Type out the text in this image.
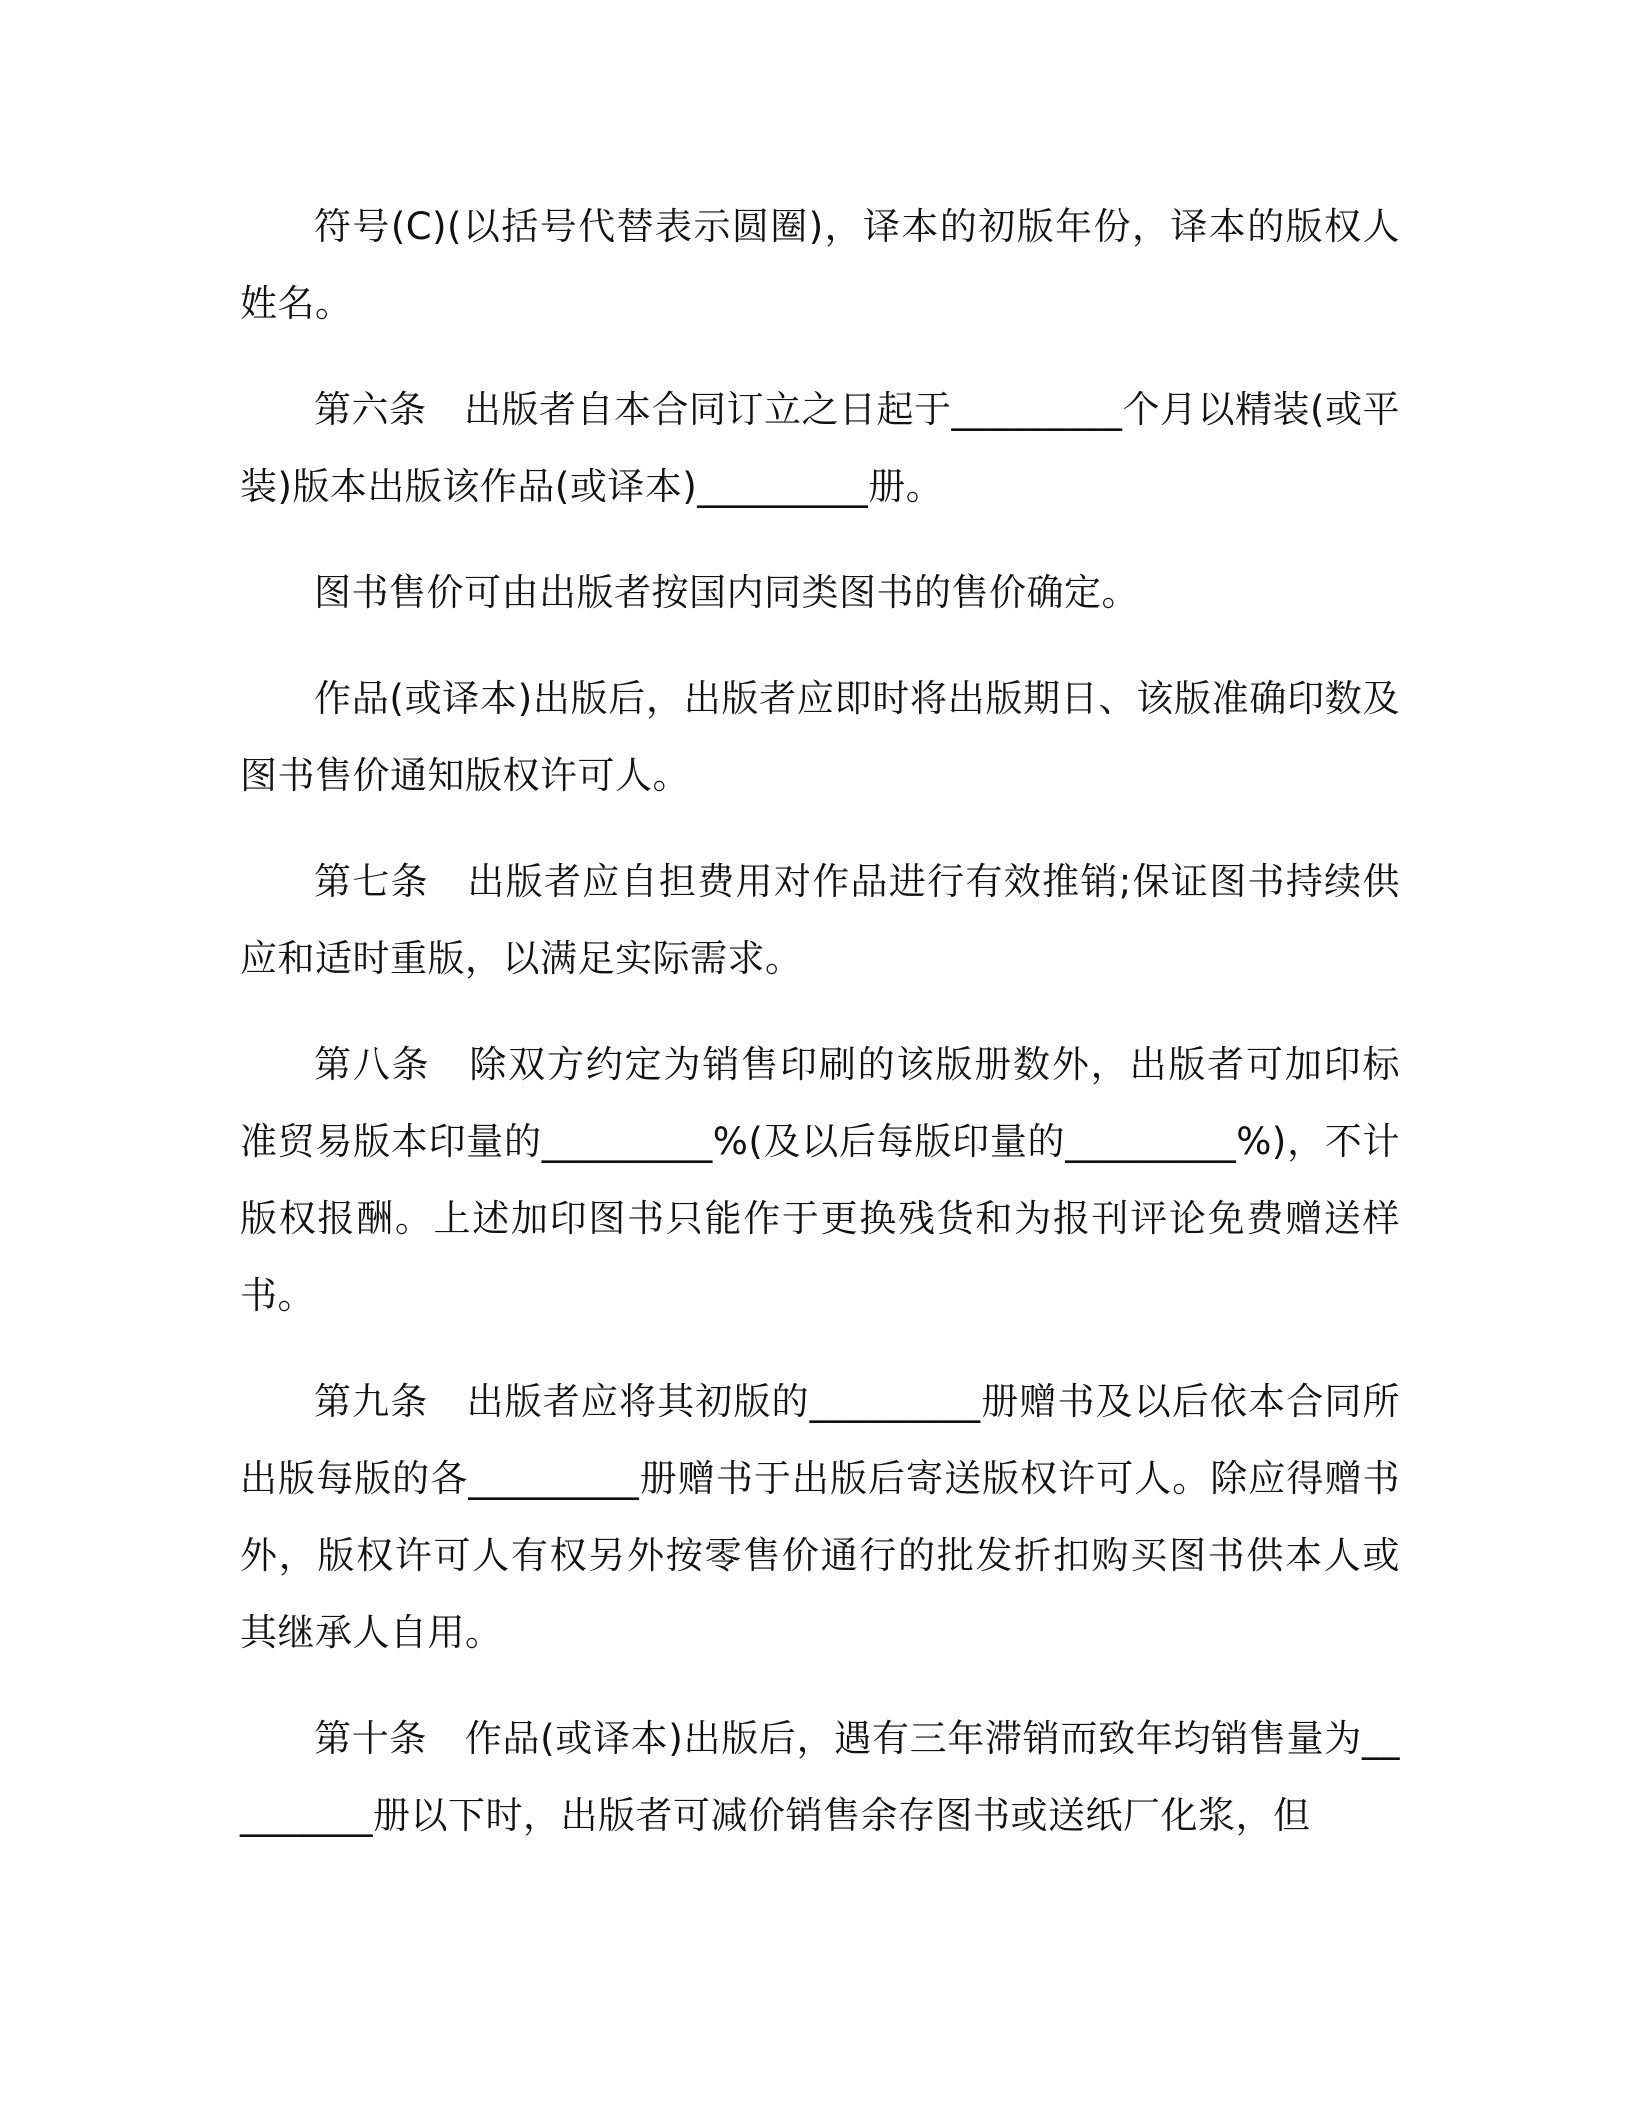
符号(C)(以括号代替表示圆圈)，译本的初版年份，译本的版权人姓名。

第六条　出版者自本合同订立之日起于_________个月以精装(或平装)版本出版该作品(或译本)_________册。

图书售价可由出版者按国内同类图书的售价确定。

作品(或译本)出版后，出版者应即时将出版期日、该版准确印数及图书售价通知版权许可人。

第七条　出版者应自担费用对作品进行有效推销;保证图书持续供应和适时重版，以满足实际需求。

第八条　除双方约定为销售印刷的该版册数外，出版者可加印标准贸易版本印量的_________%(及以后每版印量的_________%)，不计版权报酬。上述加印图书只能作于更换残货和为报刊评论免费赠送样书。

第九条　出版者应将其初版的_________册赠书及以后依本合同所出版每版的各_________册赠书于出版后寄送版权许可人。除应得赠书外，版权许可人有权另外按零售价通行的批发折扣购买图书供本人或其继承人自用。

第十条　作品(或译本)出版后，遇有三年滞销而致年均销售量为_________册以下时，出版者可减价销售余存图书或送纸厂化浆，但
